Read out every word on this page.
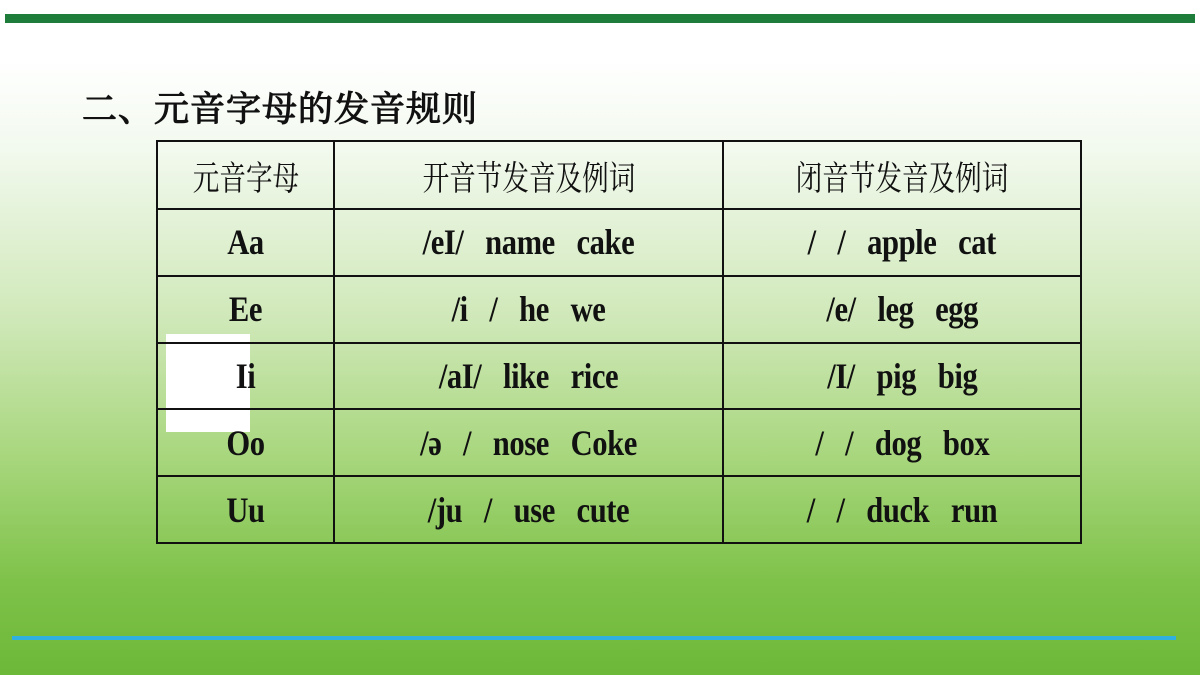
二、元音字母的发音规则
元音字母	开音节发音及例词	闭音节发音及例词
Aa	/eI/   name   cake	/   /   apple   cat
Ee	/i   /   he   we	/e/   leg   egg
Ii	/aI/   like   rice	/I/   pig   big
Oo	/ə   /   nose   Coke	/   /   dog   box
Uu	/ju   /   use   cute	/   /   duck   run
